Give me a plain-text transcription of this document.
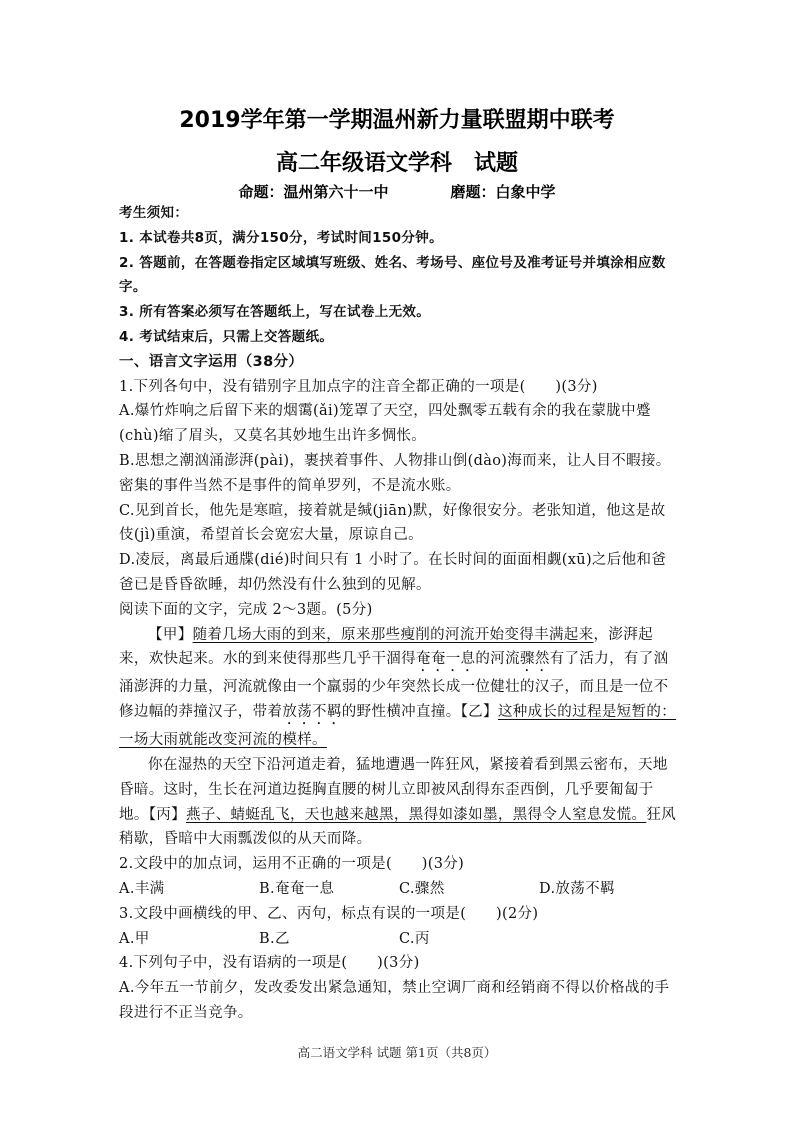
2019学年第一学期温州新力量联盟期中联考
高二年级语文学科　试题
命题：温州第六十一中	磨题：白象中学

考生须知：

1. 本试卷共8页，满分150分，考试时间150分钟。

2. 答题前，在答题卷指定区域填写班级、姓名、考场号、座位号及准考证号并填涂相应数字。

3. 所有答案必须写在答题纸上，写在试卷上无效。

4. 考试结束后，只需上交答题纸。

一、语言文字运用（38分）

1.下列各句中，没有错别字且加点字的注音全都正确的一项是(　　)(3分)

A.爆竹炸响之后留下来的烟霭(ǎi)笼罩了天空，四处飘零五载有余的我在蒙胧中蹙(chù)缩了眉头，又莫名其妙地生出许多惆怅。

B.思想之潮汹涌澎湃(pài)，裹挟着事件、人物排山倒(dào)海而来，让人目不暇接。密集的事件当然不是事件的简单罗列，不是流水账。

C.见到首长，他先是寒暄，接着就是缄(jiān)默，好像很安分。老张知道，他这是故伎(jì)重演，希望首长会宽宏大量，原谅自己。

D.凌辰，离最后通牒(dié)时间只有 1 小时了。在长时间的面面相觑(xū)之后他和爸爸已是昏昏欲睡，却仍然没有什么独到的见解。

阅读下面的文字，完成 2～3题。(5分)

【甲】随着几场大雨的到来，原来那些瘦削的河流开始变得丰满起来，澎湃起来，欢快起来。水的到来使得那些几乎干涸得奄奄一息的河流骤然有了活力，有了汹涌澎湃的力量，河流就像由一个羸弱的少年突然长成一位健壮的汉子，而且是一位不修边幅的莽撞汉子，带着放荡不羁的野性横冲直撞。【乙】这种成长的过程是短暂的：一场大雨就能改变河流的模样。

你在湿热的天空下沿河道走着，猛地遭遇一阵狂风，紧接着看到黑云密布，天地昏暗。这时，生长在河道边挺胸直腰的树儿立即被风刮得东歪西倒，几乎要匍匐于地。【丙】燕子、蜻蜓乱飞，天也越来越黑，黑得如漆如墨，黑得令人窒息发慌。狂风稍歇，昏暗中大雨瓢泼似的从天而降。

2.文段中的加点词，运用不正确的一项是(　　)(3分)

A.丰满	B.奄奄一息	C.骤然	D.放荡不羁

3.文段中画横线的甲、乙、丙句，标点有误的一项是(　　)(2分)

A.甲	B.乙	C.丙

4.下列句子中，没有语病的一项是(　　)(3分)

A.今年五一节前夕，发改委发出紧急通知，禁止空调厂商和经销商不得以价格战的手段进行不正当竞争。

高二语文学科 试题 第1页（共8页）
